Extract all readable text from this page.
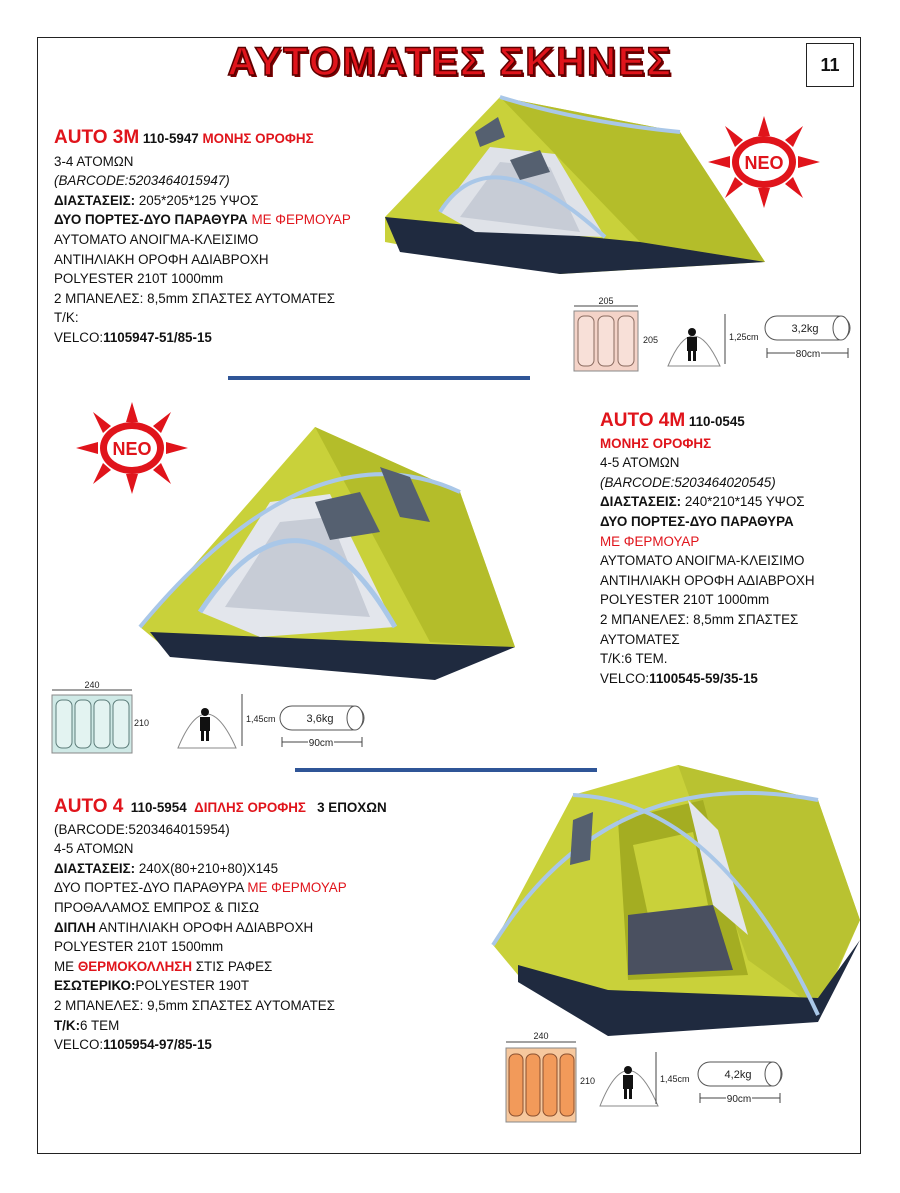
ΑΥΤΟΜΑΤΕΣ ΣΚΗΝΕΣ	11
AUTO 3M 110-5947 ΜΟΝΗΣ ΟΡΟΦΗΣ
3-4 ΑΤΟΜΩΝ
(BARCODE:5203464015947)
ΔΙΑΣΤΑΣΕΙΣ: 205*205*125 ΥΨΟΣ
ΔΥΟ ΠΟΡΤΕΣ-ΔΥΟ ΠΑΡΑΘΥΡΑ ΜΕ ΦΕΡΜΟΥΑΡ
ΑΥΤΟΜΑΤΟ ΑΝΟΙΓΜΑ-ΚΛΕΙΣΙΜΟ
ΑΝΤΙΗΛΙΑΚΗ ΟΡΟΦΗ ΑΔΙΑΒΡΟΧΗ
POLYESTER 210T 1000mm
2 ΜΠΑΝΕΛΕΣ: 8,5mm ΣΠΑΣΤΕΣ ΑΥΤΟΜΑΤΕΣ
Τ/Κ:
VELCO:1105947-51/85-15
ΝΕΟ
205
205	1,25cm
3,2kg
80cm
ΝΕΟ
AUTO 4M 110-0545
ΜΟΝΗΣ ΟΡΟΦΗΣ
4-5 ΑΤΟΜΩΝ
(BARCODE:5203464020545)
ΔΙΑΣΤΑΣΕΙΣ: 240*210*145 ΥΨΟΣ
ΔΥΟ ΠΟΡΤΕΣ-ΔΥΟ ΠΑΡΑΘΥΡΑ
ΜΕ ΦΕΡΜΟΥΑΡ
ΑΥΤΟΜΑΤΟ ΑΝΟΙΓΜΑ-ΚΛΕΙΣΙΜΟ
ΑΝΤΙΗΛΙΑΚΗ ΟΡΟΦΗ ΑΔΙΑΒΡΟΧΗ
POLYESTER 210T 1000mm
2 ΜΠΑΝΕΛΕΣ: 8,5mm ΣΠΑΣΤΕΣ
ΑΥΤΟΜΑΤΕΣ
Τ/Κ:6 ΤΕΜ.
VELCO:1100545-59/35-15
240
210	1,45cm	3,6kg
90cm
AUTO 4 110-5954 ΔΙΠΛΗΣ ΟΡΟΦΗΣ 3 ΕΠΟΧΩΝ
(BARCODE:5203464015954)
4-5 ΑΤΟΜΩΝ
ΔΙΑΣΤΑΣΕΙΣ: 240Χ(80+210+80)Χ145
ΔΥΟ ΠΟΡΤΕΣ-ΔΥΟ ΠΑΡΑΘΥΡΑ ΜΕ ΦΕΡΜΟΥΑΡ
ΠΡΟΘΑΛΑΜΟΣ ΕΜΠΡΟΣ & ΠΙΣΩ
ΔΙΠΛΗ ΑΝΤΙΗΛΙΑΚΗ ΟΡΟΦΗ ΑΔΙΑΒΡΟΧΗ
POLYESTER 210T 1500mm
ΜΕ ΘΕΡΜΟΚΟΛΛΗΣΗ ΣΤΙΣ ΡΑΦΕΣ
ΕΣΩΤΕΡΙΚΟ:POLYESTER 190T
2 ΜΠΑΝΕΛΕΣ: 9,5mm ΣΠΑΣΤΕΣ ΑΥΤΟΜΑΤΕΣ
Τ/Κ:6 ΤΕΜ
VELCO:1105954-97/85-15
240
210	1,45cm	4,2kg
90cm
